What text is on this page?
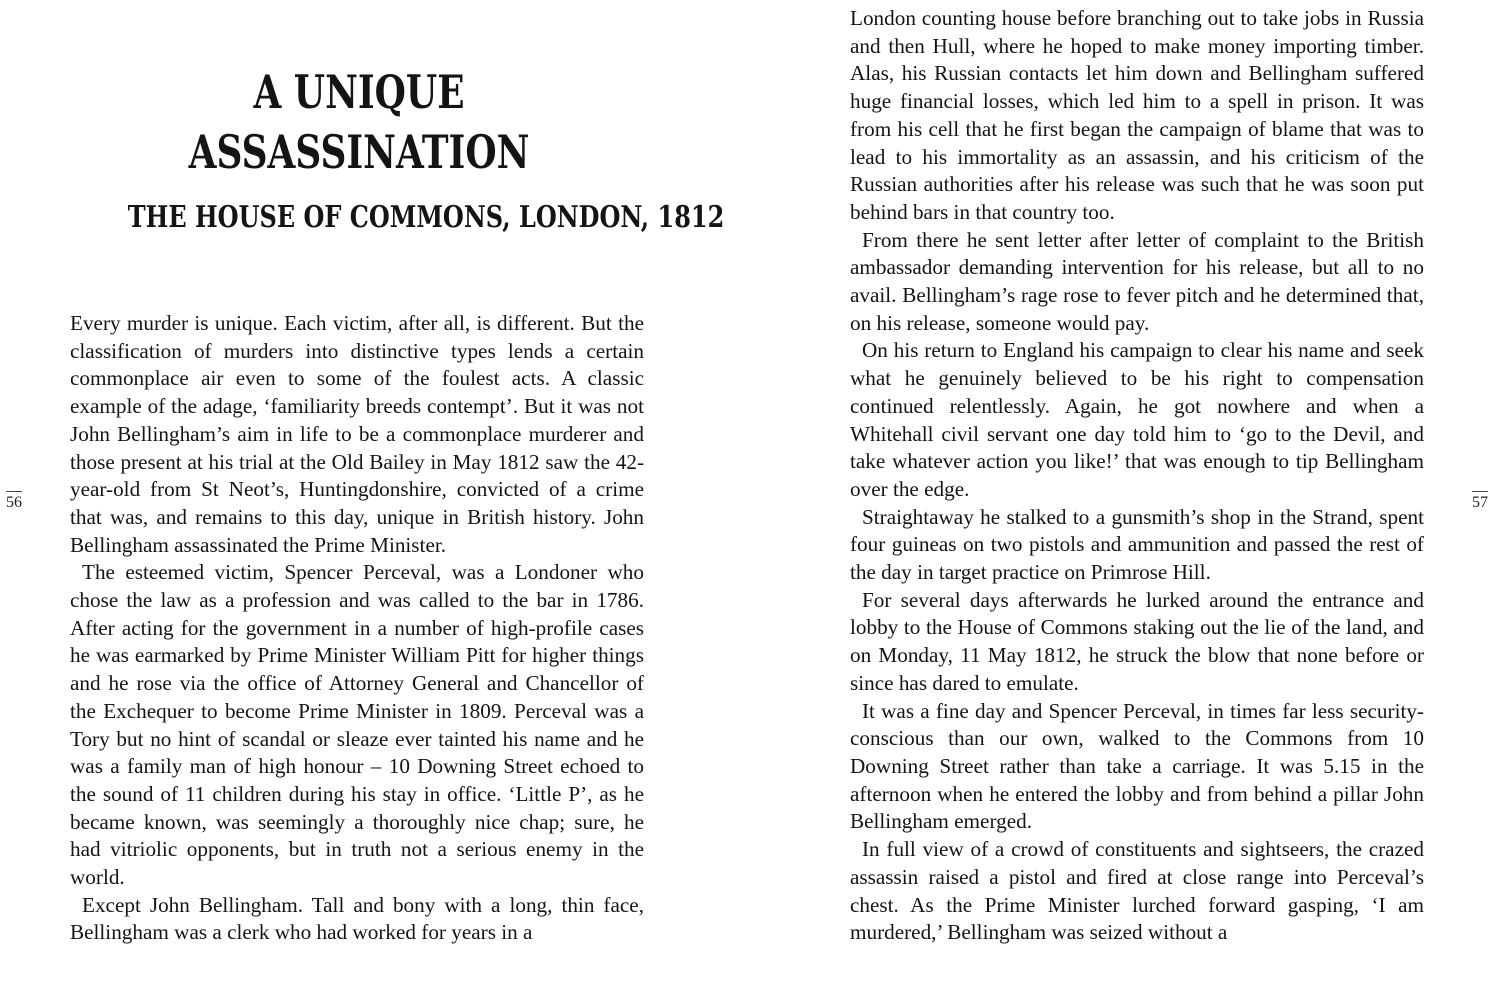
56
A UNIQUE
ASSASSINATION
THE HOUSE OF COMMONS, LONDON, 1812

Every murder is unique. Each victim, after all, is different. But the classification of murders into distinctive types lends a certain commonplace air even to some of the foulest acts. A classic example of the adage, ‘familiarity breeds contempt’. But it was not John Bellingham’s aim in life to be a commonplace murderer and those present at his trial at the Old Bailey in May 1812 saw the 42-year-old from St Neot’s, Huntingdonshire, convicted of a crime that was, and remains to this day, unique in British history. John Bellingham assassinated the Prime Minister.

The esteemed victim, Spencer Perceval, was a Londoner who chose the law as a profession and was called to the bar in 1786. After acting for the government in a number of high-profile cases he was earmarked by Prime Minister William Pitt for higher things and he rose via the office of Attorney General and Chancellor of the Exchequer to become Prime Minister in 1809. Perceval was a Tory but no hint of scandal or sleaze ever tainted his name and he was a family man of high honour – 10 Downing Street echoed to the sound of 11 children during his stay in office. ‘Little P’, as he became known, was seemingly a thoroughly nice chap; sure, he had vitriolic opponents, but in truth not a serious enemy in the world.

Except John Bellingham. Tall and bony with a long, thin face, Bellingham was a clerk who had worked for years in a

57

London counting house before branching out to take jobs in Russia and then Hull, where he hoped to make money importing timber. Alas, his Russian contacts let him down and Bellingham suffered huge financial losses, which led him to a spell in prison. It was from his cell that he first began the campaign of blame that was to lead to his immortality as an assassin, and his criticism of the Russian authorities after his release was such that he was soon put behind bars in that country too.

From there he sent letter after letter of complaint to the British ambassador demanding intervention for his release, but all to no avail. Bellingham’s rage rose to fever pitch and he determined that, on his release, someone would pay.

On his return to England his campaign to clear his name and seek what he genuinely believed to be his right to compensation continued relentlessly. Again, he got nowhere and when a Whitehall civil servant one day told him to ‘go to the Devil, and take whatever action you like!’ that was enough to tip Bellingham over the edge.

Straightaway he stalked to a gunsmith’s shop in the Strand, spent four guineas on two pistols and ammunition and passed the rest of the day in target practice on Primrose Hill.

For several days afterwards he lurked around the entrance and lobby to the House of Commons staking out the lie of the land, and on Monday, 11 May 1812, he struck the blow that none before or since has dared to emulate.

It was a fine day and Spencer Perceval, in times far less security-conscious than our own, walked to the Commons from 10 Downing Street rather than take a carriage. It was 5.15 in the afternoon when he entered the lobby and from behind a pillar John Bellingham emerged.

In full view of a crowd of constituents and sightseers, the crazed assassin raised a pistol and fired at close range into Perceval’s chest. As the Prime Minister lurched forward gasping, ‘I am murdered,’ Bellingham was seized without a
